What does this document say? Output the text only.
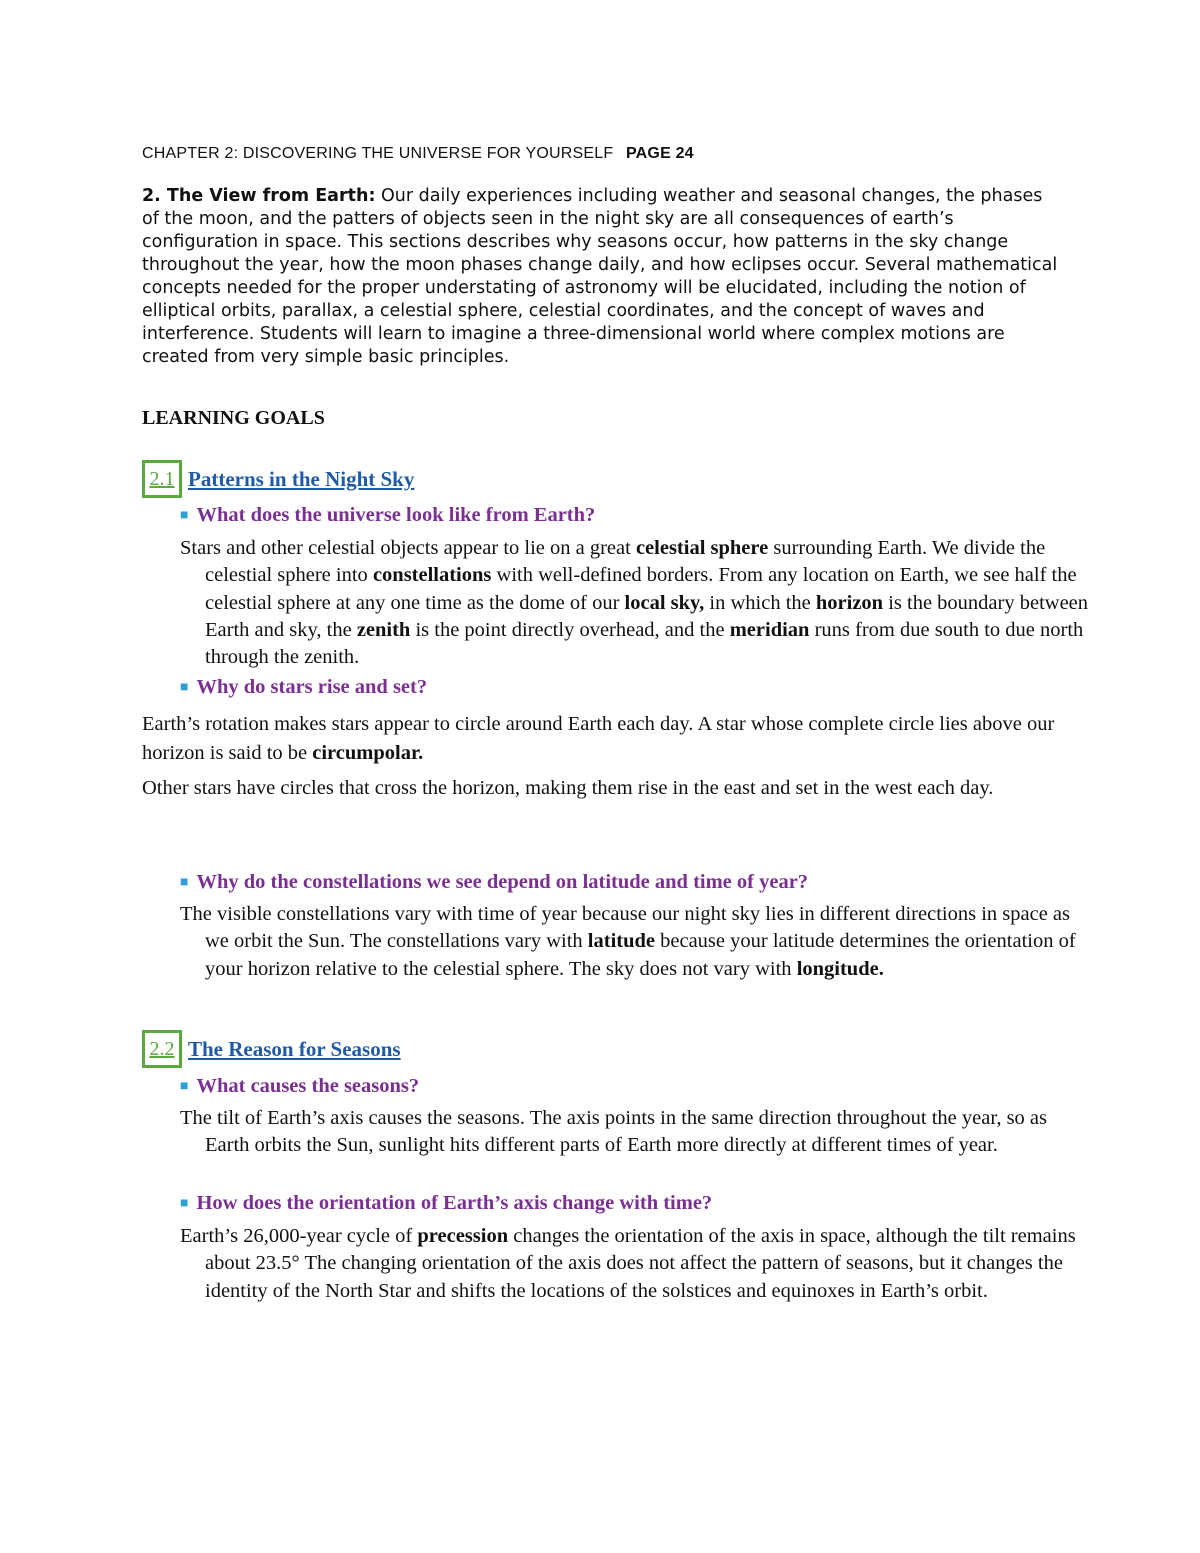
CHAPTER 2: DISCOVERING THE UNIVERSE FOR YOURSELF PAGE 24

2. The View from Earth: Our daily experiences including weather and seasonal changes, the phases of the moon, and the patters of objects seen in the night sky are all consequences of earth’s configuration in space. This sections describes why seasons occur, how patterns in the sky change throughout the year, how the moon phases change daily, and how eclipses occur. Several mathematical concepts needed for the proper understating of astronomy will be elucidated, including the notion of elliptical orbits, parallax, a celestial sphere, celestial coordinates, and the concept of waves and interference. Students will learn to imagine a three-dimensional world where complex motions are created from very simple basic principles.

LEARNING GOALS
2.1 Patterns in the Night Sky
■ What does the universe look like from Earth?

Stars and other celestial objects appear to lie on a great celestial sphere surrounding Earth. We divide the celestial sphere into constellations with well-defined borders. From any location on Earth, we see half the celestial sphere at any one time as the dome of our local sky, in which the horizon is the boundary between Earth and sky, the zenith is the point directly overhead, and the meridian runs from due south to due north through the zenith.

■ Why do stars rise and set?

Earth’s rotation makes stars appear to circle around Earth each day. A star whose complete circle lies above our horizon is said to be circumpolar.

Other stars have circles that cross the horizon, making them rise in the east and set in the west each day.

■ Why do the constellations we see depend on latitude and time of year?

The visible constellations vary with time of year because our night sky lies in different directions in space as we orbit the Sun. The constellations vary with latitude because your latitude determines the orientation of your horizon relative to the celestial sphere. The sky does not vary with longitude.

2.2 The Reason for Seasons
■ What causes the seasons?

The tilt of Earth’s axis causes the seasons. The axis points in the same direction throughout the year, so as Earth orbits the Sun, sunlight hits different parts of Earth more directly at different times of year.

■ How does the orientation of Earth’s axis change with time?

Earth’s 26,000-year cycle of precession changes the orientation of the axis in space, although the tilt remains about 23.5° The changing orientation of the axis does not affect the pattern of seasons, but it changes the identity of the North Star and shifts the locations of the solstices and equinoxes in Earth’s orbit.
